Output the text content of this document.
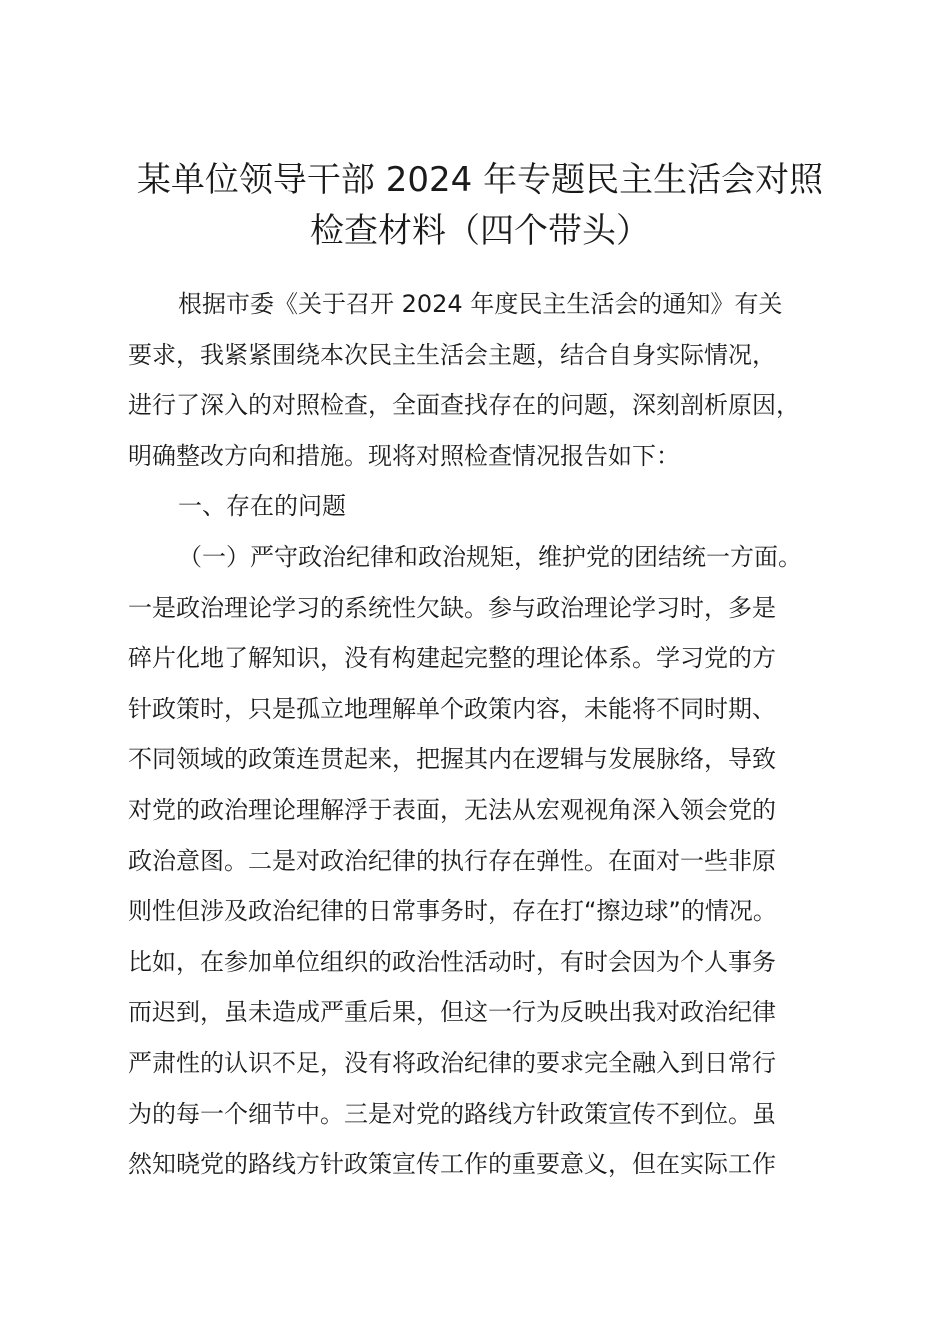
某单位领导干部 2024 年专题民主生活会对照
检查材料（四个带头）
根据市委《关于召开 2024 年度民主生活会的通知》有关
要求，我紧紧围绕本次民主生活会主题，结合自身实际情况，
进行了深入的对照检查，全面查找存在的问题，深刻剖析原因，
明确整改方向和措施。现将对照检查情况报告如下：
一、存在的问题
（一）严守政治纪律和政治规矩，维护党的团结统一方面。
一是政治理论学习的系统性欠缺。参与政治理论学习时，多是
碎片化地了解知识，没有构建起完整的理论体系。学习党的方
针政策时，只是孤立地理解单个政策内容，未能将不同时期、
不同领域的政策连贯起来，把握其内在逻辑与发展脉络，导致
对党的政治理论理解浮于表面，无法从宏观视角深入领会党的
政治意图。二是对政治纪律的执行存在弹性。在面对一些非原
则性但涉及政治纪律的日常事务时，存在打“擦边球”的情况。
比如，在参加单位组织的政治性活动时，有时会因为个人事务
而迟到，虽未造成严重后果，但这一行为反映出我对政治纪律
严肃性的认识不足，没有将政治纪律的要求完全融入到日常行
为的每一个细节中。三是对党的路线方针政策宣传不到位。虽
然知晓党的路线方针政策宣传工作的重要意义，但在实际工作
